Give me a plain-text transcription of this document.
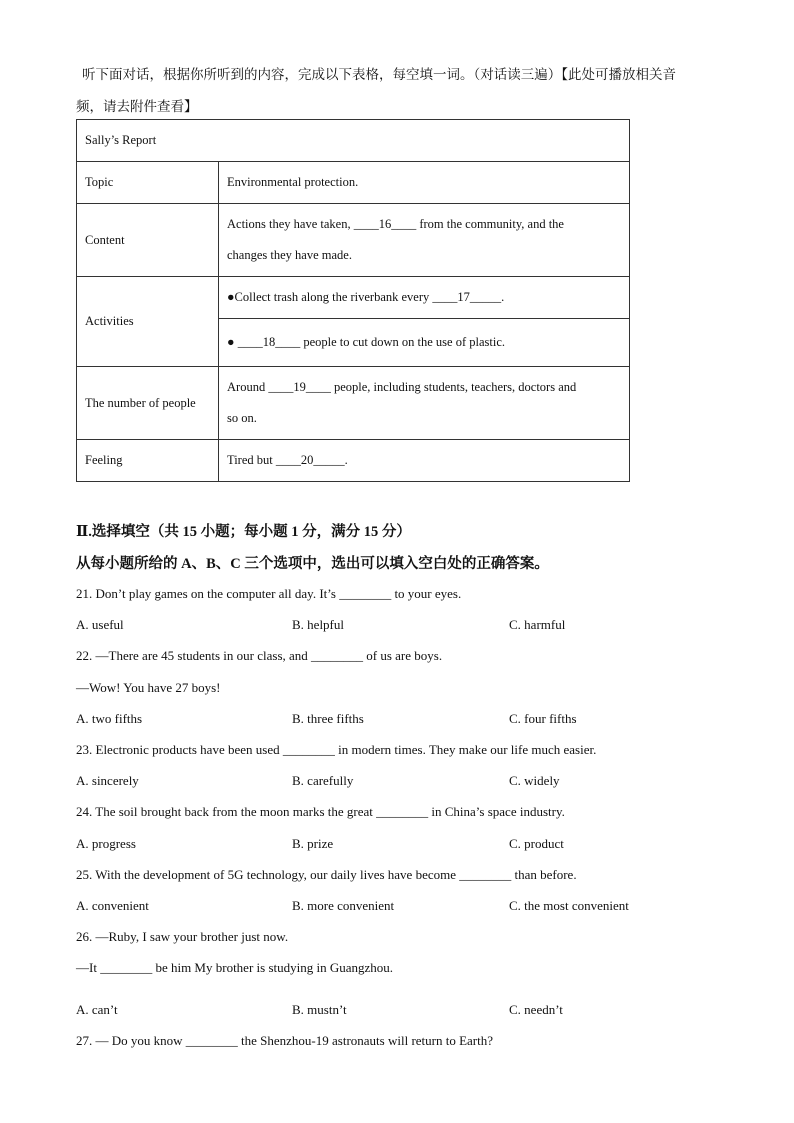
听下面对话，根据你所听到的内容，完成以下表格，每空填一词。（对话读三遍）【此处可播放相关音
频，请去附件查看】
Sally’s Report	
Topic	Environmental protection.
Content	Actions they have taken, ____16____ from the community, and the
changes they have made.
Activities	●Collect trash along the riverbank every ____17_____.
	● ____18____ people to cut down on the use of plastic.
The number of people	Around ____19____ people, including students, teachers, doctors and
so on.
Feeling	Tired but ____20_____.
Ⅱ.选择填空（共 15 小题；每小题 1 分，满分 15 分）
从每小题所给的 A、B、C 三个选项中，选出可以填入空白处的正确答案。
21. Don’t play games on the computer all day. It’s ________ to your eyes.
A. useful	B. helpful	C. harmful
22. —There are 45 students in our class, and ________ of us are boys.
—Wow! You have 27 boys!
A. two fifths	B. three fifths	C. four fifths
23. Electronic products have been used ________ in modern times. They make our life much easier.
A. sincerely	B. carefully	C. widely
24. The soil brought back from the moon marks the great ________ in China’s space industry.
A. progress	B. prize	C. product
25. With the development of 5G technology, our daily lives have become ________ than before.
A. convenient	B. more convenient	C. the most convenient
26. —Ruby, I saw your brother just now.
—It ________ be him My brother is studying in Guangzhou.
A. can’t	B. mustn’t	C. needn’t
27. — Do you know ________ the Shenzhou-19 astronauts will return to Earth?
